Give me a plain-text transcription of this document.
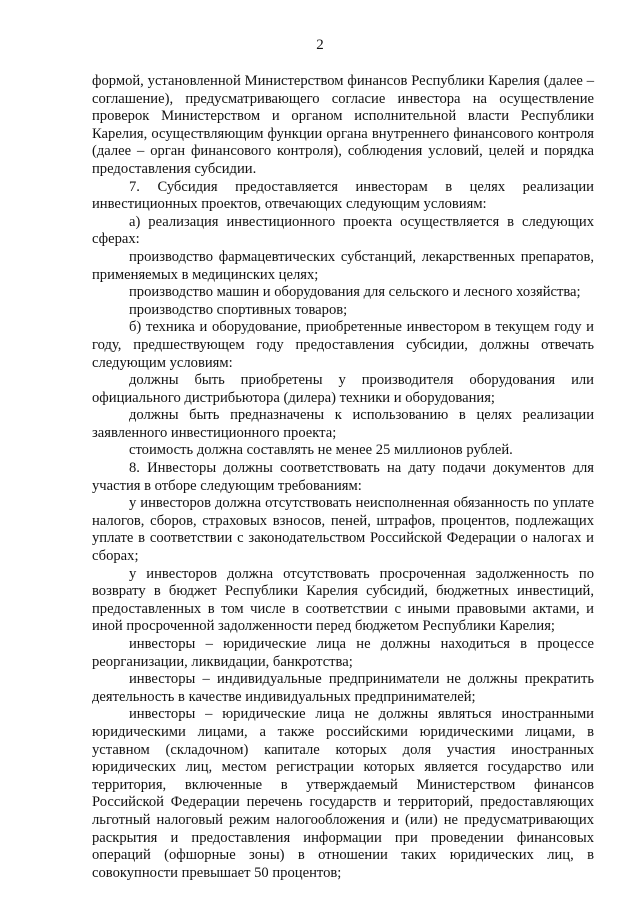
2

формой, установленной Министерством финансов Республики Карелия (далее – соглашение), предусматривающего согласие инвестора на осуществление проверок Министерством и органом исполнительной власти Республики Карелия, осуществляющим функции органа внутреннего финансового контроля (далее – орган финансового контроля), соблюдения условий, целей и порядка предоставления субсидии.

7. Субсидия предоставляется инвесторам в целях реализации инвестиционных проектов, отвечающих следующим условиям:

а) реализация инвестиционного проекта осуществляется в следующих сферах:

производство фармацевтических субстанций, лекарственных препаратов, применяемых в медицинских целях;

производство машин и оборудования для сельского и лесного хозяйства;

производство спортивных товаров;

б) техника и оборудование, приобретенные инвестором в текущем году и году, предшествующем году предоставления субсидии, должны отвечать следующим условиям:

должны быть приобретены у производителя оборудования или официального дистрибьютора (дилера) техники и оборудования;

должны быть предназначены к использованию в целях реализации заявленного инвестиционного проекта;

стоимость должна составлять не менее 25 миллионов рублей.

8. Инвесторы должны соответствовать на дату подачи документов для участия в отборе следующим требованиям:

у инвесторов должна отсутствовать неисполненная обязанность по уплате налогов, сборов, страховых взносов, пеней, штрафов, процентов, подлежащих уплате в соответствии с законодательством Российской Федерации о налогах и сборах;

у инвесторов должна отсутствовать просроченная задолженность по возврату в бюджет Республики Карелия субсидий, бюджетных инвестиций, предоставленных в том числе в соответствии с иными правовыми актами, и иной просроченной задолженности перед бюджетом Республики Карелия;

инвесторы – юридические лица не должны находиться в процессе реорганизации, ликвидации, банкротства;

инвесторы – индивидуальные предприниматели не должны прекратить деятельность в качестве индивидуальных предпринимателей;

инвесторы – юридические лица не должны являться иностранными юридическими лицами, а также российскими юридическими лицами, в уставном (складочном) капитале которых доля участия иностранных юридических лиц, местом регистрации которых является государство или территория, включенные в утверждаемый Министерством финансов Российской Федерации перечень государств и территорий, предоставляющих льготный налоговый режим налогообложения и (или) не предусматривающих раскрытия и предоставления информации при проведении финансовых операций (офшорные зоны) в отношении таких юридических лиц, в совокупности превышает 50 процентов;
